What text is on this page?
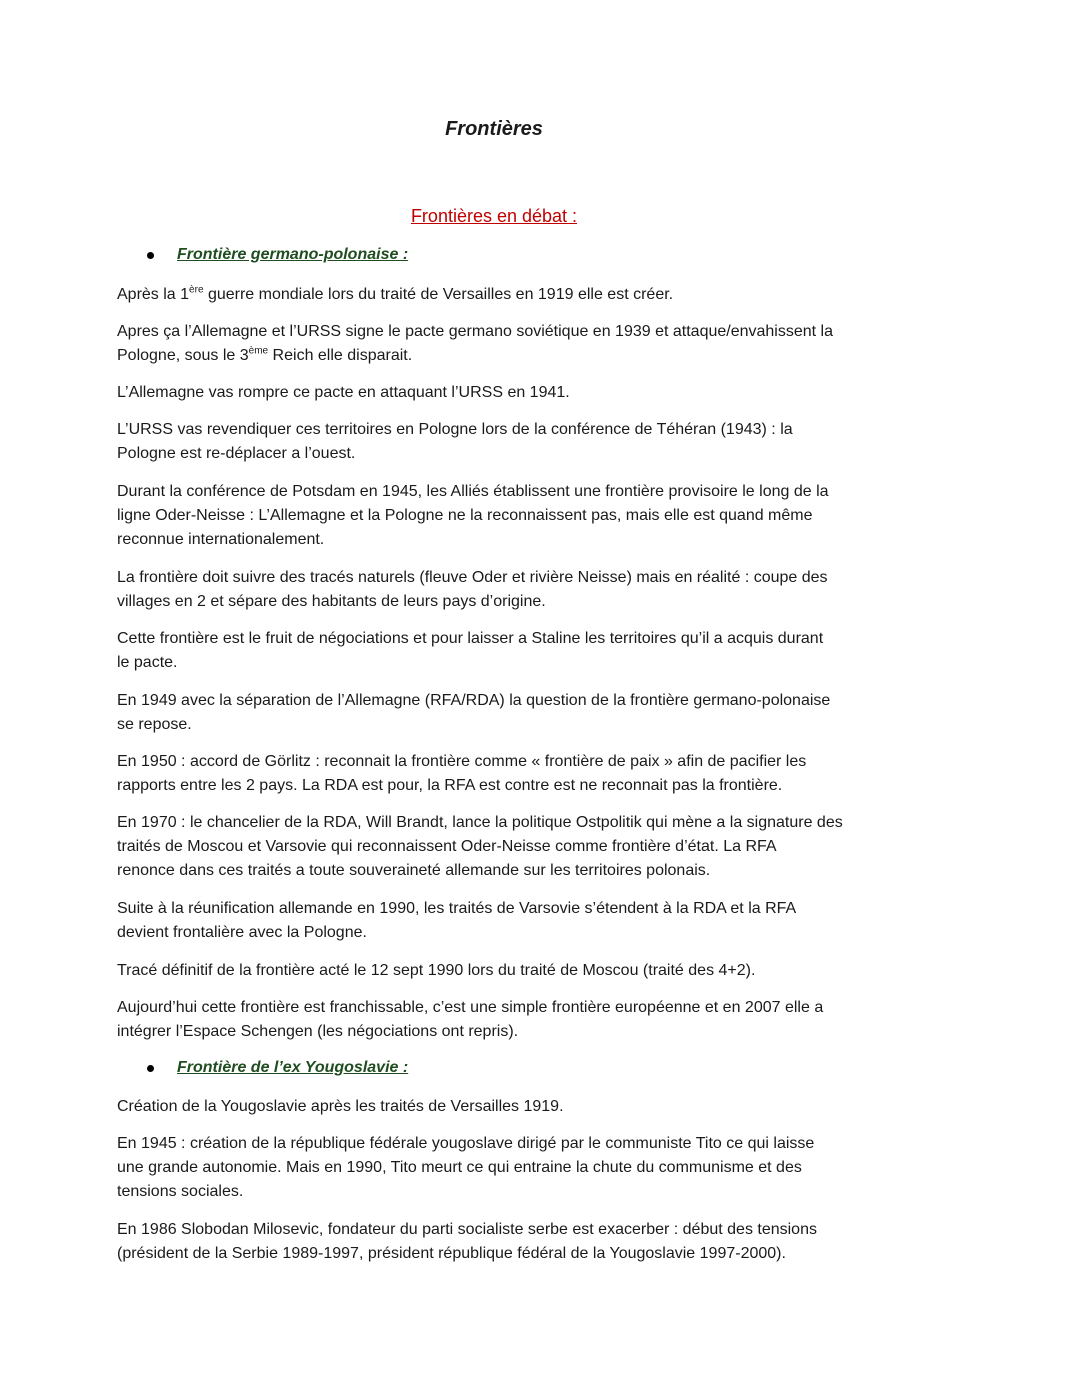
Frontières
Frontières en débat :
Frontière germano-polonaise :

Après la 1ère guerre mondiale lors du traité de Versailles en 1919 elle est créer.

Apres ça l’Allemagne et l’URSS signe le pacte germano soviétique en 1939 et attaque/envahissent la
Pologne, sous le 3ème Reich elle disparait.

L’Allemagne vas rompre ce pacte en attaquant l’URSS en 1941.

L’URSS vas revendiquer ces territoires en Pologne lors de la conférence de Téhéran (1943) : la
Pologne est re-déplacer a l’ouest.

Durant la conférence de Potsdam en 1945, les Alliés établissent une frontière provisoire le long de la
ligne Oder-Neisse : L’Allemagne et la Pologne ne la reconnaissent pas, mais elle est quand même
reconnue internationalement.

La frontière doit suivre des tracés naturels (fleuve Oder et rivière Neisse) mais en réalité : coupe des
villages en 2 et sépare des habitants de leurs pays d’origine.

Cette frontière est le fruit de négociations et pour laisser a Staline les territoires qu’il a acquis durant
le pacte.

En 1949 avec la séparation de l’Allemagne (RFA/RDA) la question de la frontière germano-polonaise
se repose.

En 1950 : accord de Görlitz : reconnait la frontière comme « frontière de paix » afin de pacifier les
rapports entre les 2 pays. La RDA est pour, la RFA est contre est ne reconnait pas la frontière.

En 1970 : le chancelier de la RDA, Will Brandt, lance la politique Ostpolitik qui mène a la signature des
traités de Moscou et Varsovie qui reconnaissent Oder-Neisse comme frontière d’état. La RFA
renonce dans ces traités a toute souveraineté allemande sur les territoires polonais.

Suite à la réunification allemande en 1990, les traités de Varsovie s’étendent à la RDA et la RFA
devient frontalière avec la Pologne.

Tracé définitif de la frontière acté le 12 sept 1990 lors du traité de Moscou (traité des 4+2).

Aujourd’hui cette frontière est franchissable, c’est une simple frontière européenne et en 2007 elle a
intégrer l’Espace Schengen (les négociations ont repris).

Frontière de l’ex Yougoslavie :

Création de la Yougoslavie après les traités de Versailles 1919.

En 1945 : création de la république fédérale yougoslave dirigé par le communiste Tito ce qui laisse
une grande autonomie. Mais en 1990, Tito meurt ce qui entraine la chute du communisme et des
tensions sociales.

En 1986 Slobodan Milosevic, fondateur du parti socialiste serbe est exacerber : début des tensions
(président de la Serbie 1989-1997, président république fédéral de la Yougoslavie 1997-2000).
